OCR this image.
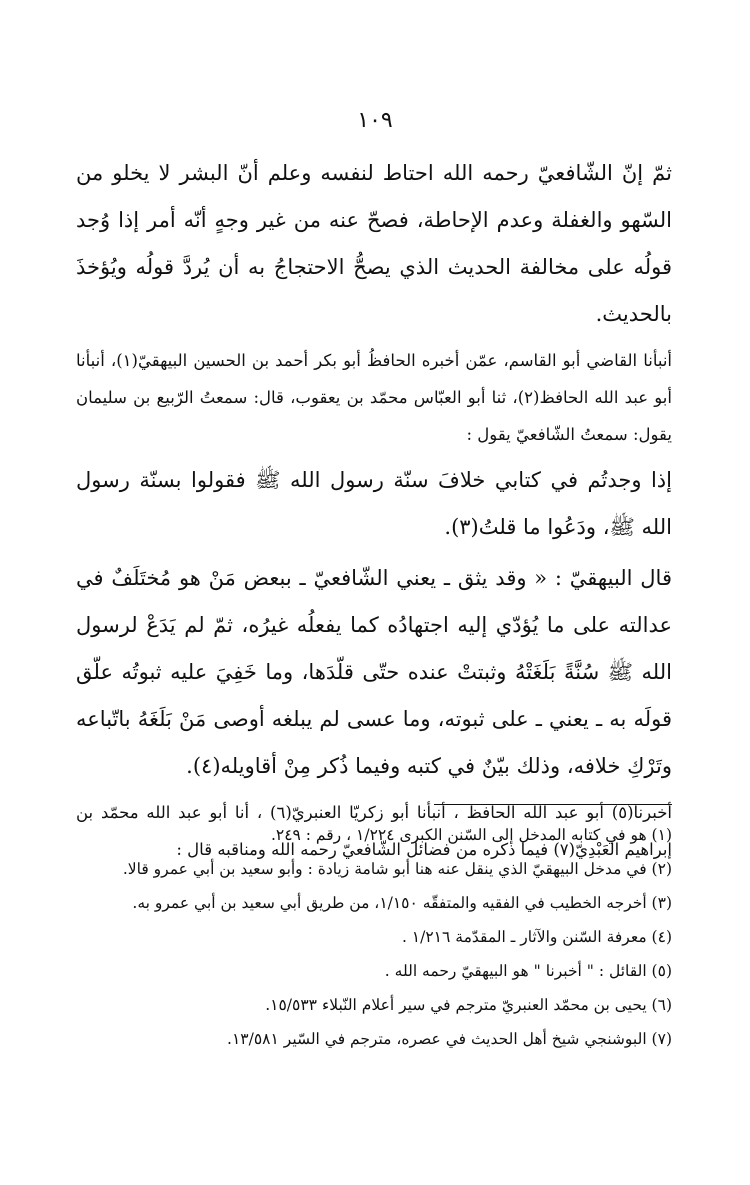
١٠٩

ثمّ إنّ الشّافعيّ رحمه الله احتاط لنفسه وعلم أنّ البشر لا يخلو من السّهو والغفلة وعدم الإحاطة، فصحّ عنه من غير وجهٍ أنّه أمر إذا وُجد قولُه على مخالفة الحديث الذي يصحُّ الاحتجاجُ به أن يُردَّ قولُه ويُؤخذَ بالحديث.

أنبأنا القاضي أبو القاسم، عمّن أخبره الحافظُ أبو بكر أحمد بن الحسين البيهقيّ(١)، أنبأنا أبو عبد الله الحافظ(٢)، ثنا أبو العبّاس محمّد بن يعقوب، قال: سمعتُ الرّبيع بن سليمان يقول: سمعتُ الشّافعيّ يقول :

إذا وجدتُم في كتابي خلافَ سنّة رسول الله ﷺ فقولوا بسنّة رسول الله ﷺ، ودَعُوا ما قلتُ(٣).

قال البيهقيّ : « وقد يثق ـ يعني الشّافعيّ ـ ببعض مَنْ هو مُختَلَفٌ في عدالته على ما يُؤدّي إليه اجتهادُه كما يفعلُه غيرُه، ثمّ لم يَدَعْ لرسول الله ﷺ سُنَّةً بَلَغَتْهُ وثبتتْ عنده حتّى قلّدَها، وما خَفِيَ عليه ثبوتُه علّق قولَه به ـ يعني ـ على ثبوته، وما عسى لم يبلغه أوصى مَنْ بَلَغَهُ باتّباعه وتَرْكِ خلافه، وذلك بيّنٌ في كتبه وفيما ذُكر مِنْ أقاويله(٤).

أخبرنا(٥) أبو عبد الله الحافظ ، أنبأنا أبو زكريّا العنبريّ(٦) ، أنا أبو عبد الله محمّد بن إبراهيم العَبْدِيّ(٧) فيما ذكره من فضائل الشّافعيّ رحمه الله ومناقبه قال :

(١) هو في كتابه المدخل إلى السّنن الكبرى ١/٢٢٤ ، رقم : ٢٤٩.

(٢) في مدخل البيهقيّ الذي ينقل عنه هنا أبو شامة زيادة : وأبو سعيد بن أبي عمرو قالا.

(٣) أخرجه الخطيب في الفقيه والمتفقّه ١/١٥٠، من طريق أبي سعيد بن أبي عمرو به.

(٤) معرفة السّنن والآثار ـ المقدّمة ١/٢١٦ .

(٥) القائل : " أخبرنا " هو البيهقيّ رحمه الله .

(٦) يحيى بن محمّد العنبريّ مترجم في سير أعلام النّبلاء ١٥/٥٣٣.

(٧) البوشنجي شيخ أهل الحديث في عصره، مترجم في السّير ١٣/٥٨١.
